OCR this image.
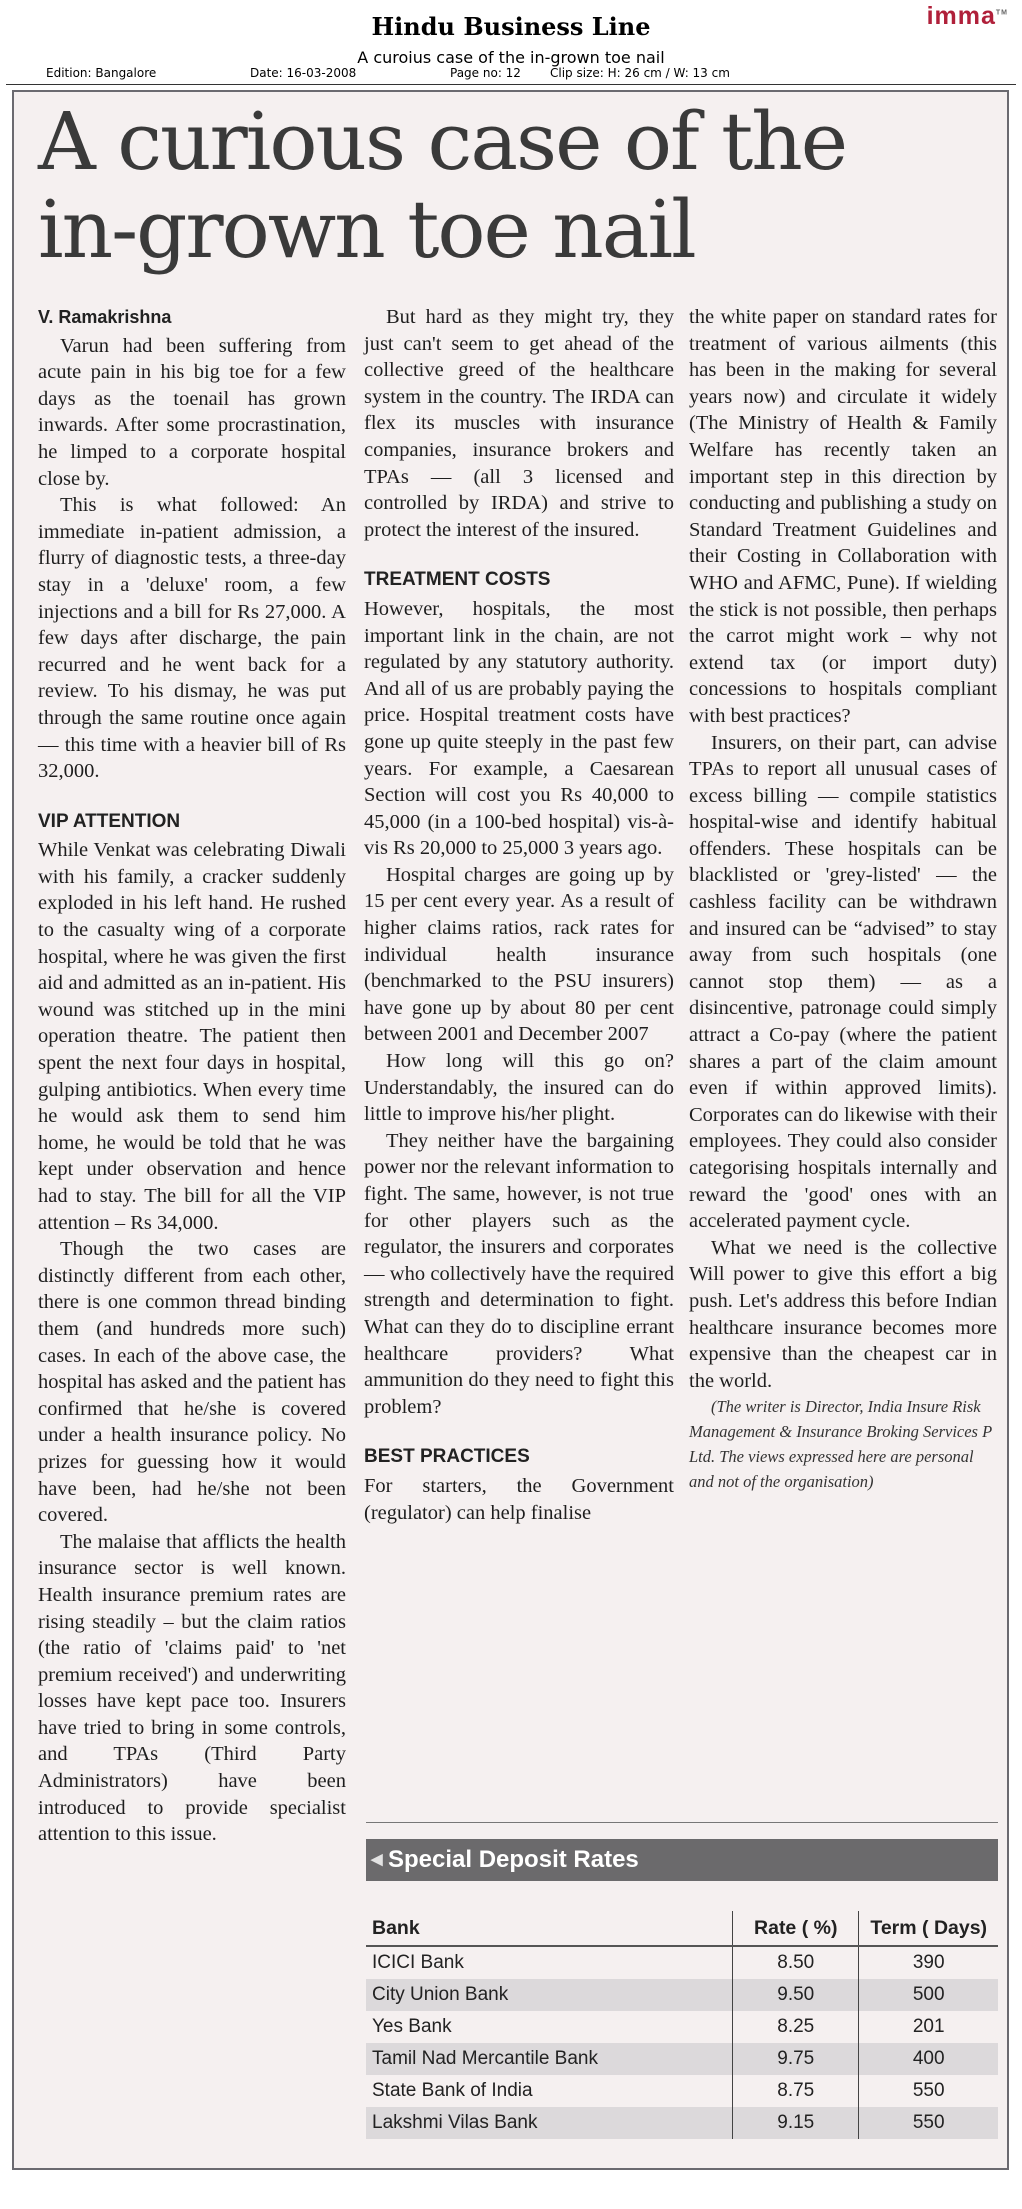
Hindu Business Line	imma™
A curoius case of the in-grown toe nail
Edition: Bangalore	Date: 16-03-2008	Page no: 12 Clip size: H: 26 cm / W: 13 cm
A curious case of the
in-grown toe nail
V. Ramakrishna

Varun had been suffering from acute pain in his big toe for a few days as the toenail has grown inwards. After some procrastination, he limped to a corporate hospital close by.

This is what followed: An immediate in-patient admission, a flurry of diagnostic tests, a three-day stay in a 'deluxe' room, a few injections and a bill for Rs 27,000. A few days after discharge, the pain recurred and he went back for a review. To his dismay, he was put through the same routine once again — this time with a heavier bill of Rs 32,000.

VIP ATTENTION

While Venkat was celebrating Diwali with his family, a cracker suddenly exploded in his left hand. He rushed to the casualty wing of a corporate hospital, where he was given the first aid and admitted as an in-patient. His wound was stitched up in the mini operation theatre. The patient then spent the next four days in hospital, gulping antibiotics. When every time he would ask them to send him home, he would be told that he was kept under observation and hence had to stay. The bill for all the VIP attention – Rs 34,000.

Though the two cases are distinctly different from each other, there is one common thread binding them (and hundreds more such) cases. In each of the above case, the hospital has asked and the patient has confirmed that he/she is covered under a health insurance policy. No prizes for guessing how it would have been, had he/she not been covered.

The malaise that afflicts the health insurance sector is well known. Health insurance premium rates are rising steadily – but the claim ratios (the ratio of 'claims paid' to 'net premium received') and underwriting losses have kept pace too. Insurers have tried to bring in some controls, and TPAs (Third Party Administrators) have been introduced to provide specialist attention to this issue.

But hard as they might try, they just can't seem to get ahead of the collective greed of the healthcare system in the country. The IRDA can flex its muscles with insurance companies, insurance brokers and TPAs — (all 3 licensed and controlled by IRDA) and strive to protect the interest of the insured.

TREATMENT COSTS

However, hospitals, the most important link in the chain, are not regulated by any statutory authority. And all of us are probably paying the price. Hospital treatment costs have gone up quite steeply in the past few years. For example, a Caesarean Section will cost you Rs 40,000 to 45,000 (in a 100-bed hospital) vis-à-vis Rs 20,000 to 25,000 3 years ago.

Hospital charges are going up by 15 per cent every year. As a result of higher claims ratios, rack rates for individual health insurance (benchmarked to the PSU insurers) have gone up by about 80 per cent between 2001 and December 2007

How long will this go on? Understandably, the insured can do little to improve his/her plight.

They neither have the bargaining power nor the relevant information to fight. The same, however, is not true for other players such as the regulator, the insurers and corporates — who collectively have the required strength and determination to fight. What can they do to discipline errant healthcare providers? What ammunition do they need to fight this problem?

BEST PRACTICES

For starters, the Government (regulator) can help finalise

the white paper on standard rates for treatment of various ailments (this has been in the making for several years now) and circulate it widely (The Ministry of Health & Family Welfare has recently taken an important step in this direction by conducting and publishing a study on Standard Treatment Guidelines and their Costing in Collaboration with WHO and AFMC, Pune). If wielding the stick is not possible, then perhaps the carrot might work – why not extend tax (or import duty) concessions to hospitals compliant with best practices?

Insurers, on their part, can advise TPAs to report all unusual cases of excess billing — compile statistics hospital-wise and identify habitual offenders. These hospitals can be blacklisted or 'grey-listed' — the cashless facility can be withdrawn and insured can be “advised” to stay away from such hospitals (one cannot stop them) — as a disincentive, patronage could simply attract a Co-pay (where the patient shares a part of the claim amount even if within approved limits). Corporates can do likewise with their employees. They could also consider categorising hospitals internally and reward the 'good' ones with an accelerated payment cycle.

What we need is the collective Will power to give this effort a big push. Let's address this before Indian healthcare insurance becomes more expensive than the cheapest car in the world.

(The writer is Director, India Insure Risk Management & Insurance Broking Services P Ltd. The views expressed here are personal and not of the organisation)

◀ Special Deposit Rates
Bank	Rate ( %)	Term ( Days)
ICICI Bank	8.50	390
City Union Bank	9.50	500
Yes Bank	8.25	201
Tamil Nad Mercantile Bank	9.75	400
State Bank of India	8.75	550
Lakshmi Vilas Bank	9.15	550
